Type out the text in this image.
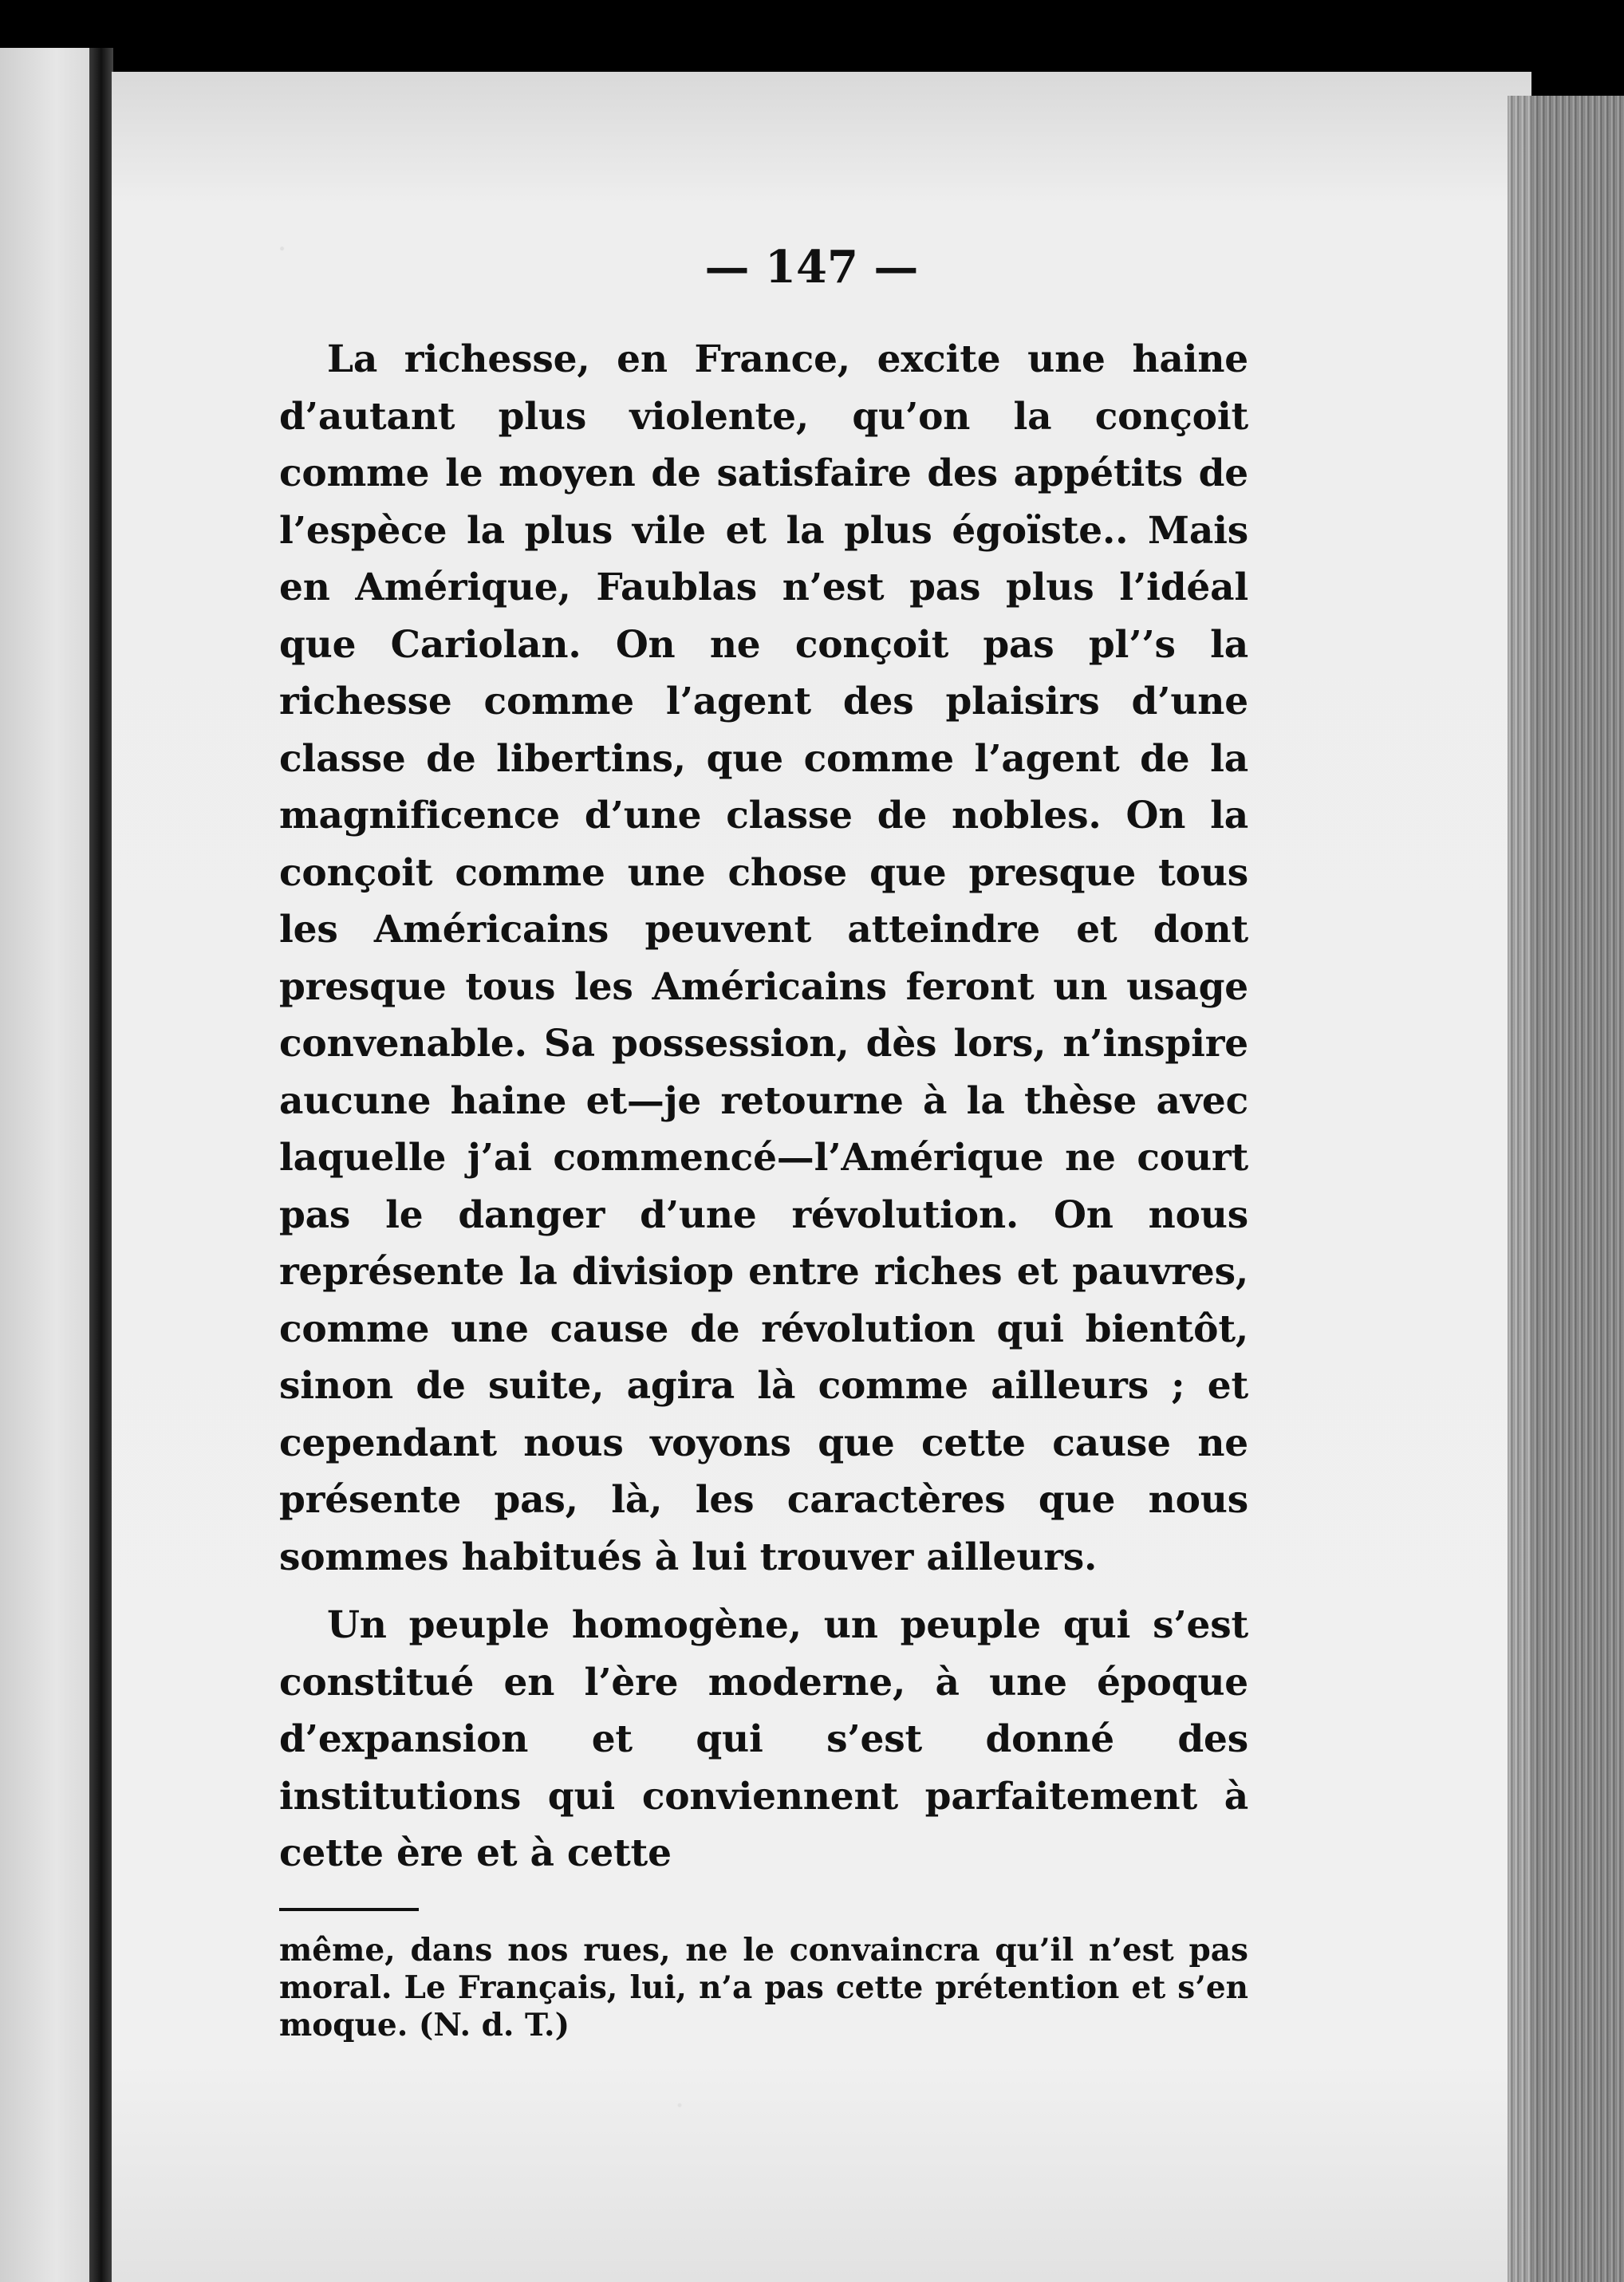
— 147 —

La richesse, en France, excite une haine d’autant plus violente, qu’on la conçoit comme le moyen de satisfaire des appétits de l’espèce la plus vile et la plus égoïste.. Mais en Amérique, Faublas n’est pas plus l’idéal que Cariolan. On ne conçoit pas pl’’s la richesse comme l’agent des plaisirs d’une classe de libertins, que comme l’agent de la magnificence d’une classe de nobles. On la conçoit comme une chose que presque tous les Américains peuvent atteindre et dont presque tous les Américains feront un usage convenable. Sa possession, dès lors, n’inspire aucune haine et—je retourne à la thèse avec laquelle j’ai commencé—l’Amérique ne court pas le danger d’une révolution. On nous représente la divisiop entre riches et pauvres, comme une cause de révolution qui bientôt, sinon de suite, agira là comme ailleurs ; et cependant nous voyons que cette cause ne présente pas, là, les caractères que nous sommes habitués à lui trouver ailleurs.

Un peuple homogène, un peuple qui s’est constitué en l’ère moderne, à une époque d’expansion et qui s’est donné des institutions qui conviennent parfaitement à cette ère et à cette

même, dans nos rues, ne le convaincra qu’il n’est pas moral. Le Français, lui, n’a pas cette prétention et s’en moque. (N. d. T.)
